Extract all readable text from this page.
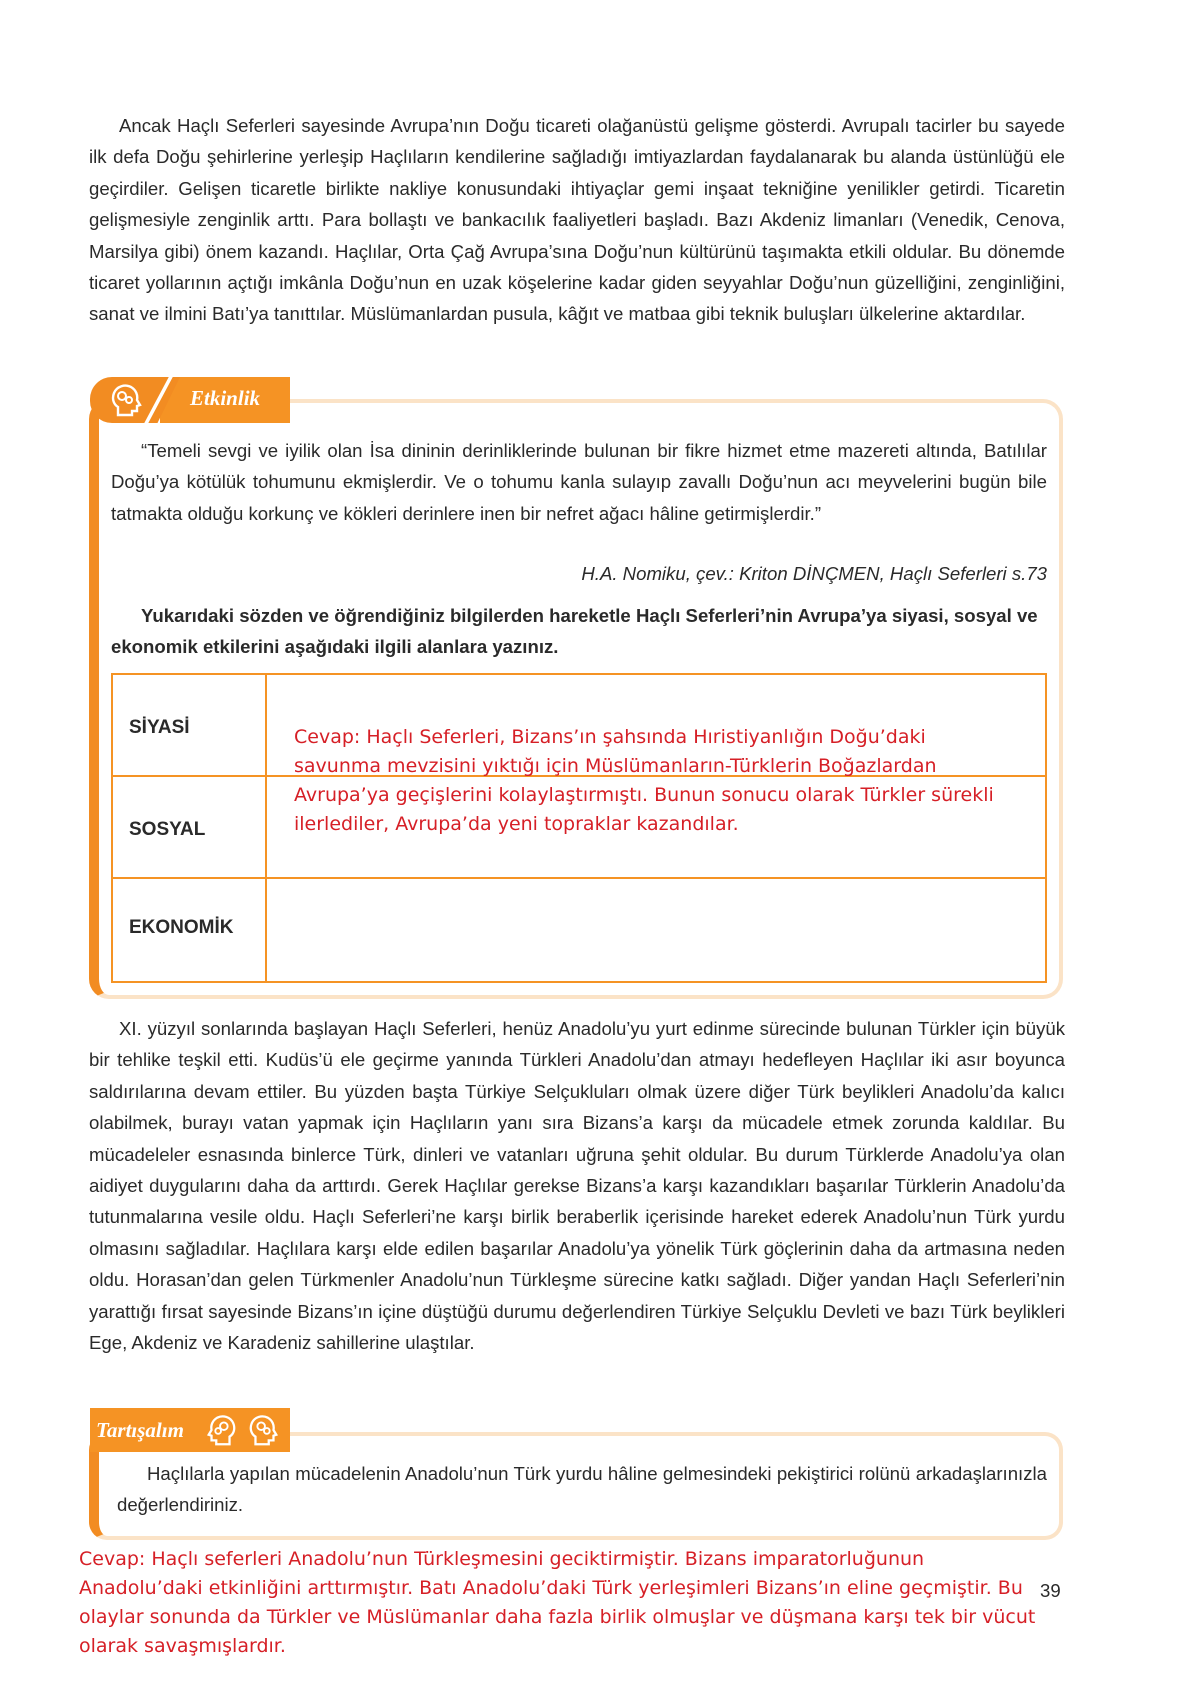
Ancak Haçlı Seferleri sayesinde Avrupa’nın Doğu ticareti olağanüstü gelişme gösterdi. Avrupalı tacirler bu sayede ilk defa Doğu şehirlerine yerleşip Haçlıların kendilerine sağladığı imtiyazlardan faydalanarak bu alanda üstünlüğü ele geçirdiler. Gelişen ticaretle birlikte nakliye konusundaki ihtiyaçlar gemi inşaat tekniğine yenilikler getirdi. Ticaretin gelişmesiyle zenginlik arttı. Para bollaştı ve bankacılık faaliyetleri başladı. Bazı Akdeniz limanları (Venedik, Cenova, Marsilya gibi) önem kazandı. Haçlılar, Orta Çağ Avrupa’sına Doğu’nun kültürünü taşımakta etkili oldular. Bu dönemde ticaret yollarının açtığı imkânla Doğu’nun en uzak köşelerine kadar giden seyyahlar Doğu’nun güzelliğini, zenginliğini, sanat ve ilmini Batı’ya tanıttılar. Müslümanlardan pusula, kâğıt ve matbaa gibi teknik buluşları ülkelerine aktardılar.
Etkinlik
“Temeli sevgi ve iyilik olan İsa dininin derinliklerinde bulunan bir fikre hizmet etme mazereti altında, Batılılar Doğu’ya kötülük tohumunu ekmişlerdir. Ve o tohumu kanla sulayıp zavallı Doğu’nun acı meyvelerini bugün bile tatmakta olduğu korkunç ve kökleri derinlere inen bir nefret ağacı hâline getirmişlerdir.”
H.A. Nomiku, çev.: Kriton DİNÇMEN, Haçlı Seferleri s.73
Yukarıdaki sözden ve öğrendiğiniz bilgilerden hareketle Haçlı Seferleri’nin Avrupa’ya siyasi, sosyal ve ekonomik etkilerini aşağıdaki ilgili alanlara yazınız.
SİYASİ
SOSYAL
EKONOMİK
Cevap: Haçlı Seferleri, Bizans’ın şahsında Hıristiyanlığın Doğu’daki savunma mevzisini yıktığı için Müslümanların-Türklerin Boğazlardan Avrupa’ya geçişlerini kolaylaştırmıştı. Bunun sonucu olarak Türkler sürekli ilerlediler, Avrupa’da yeni topraklar kazandılar.
XI. yüzyıl sonlarında başlayan Haçlı Seferleri, henüz Anadolu’yu yurt edinme sürecinde bulunan Türkler için büyük bir tehlike teşkil etti. Kudüs’ü ele geçirme yanında Türkleri Anadolu’dan atmayı hedefleyen Haçlılar iki asır boyunca saldırılarına devam ettiler. Bu yüzden başta Türkiye Selçukluları olmak üzere diğer Türk beylikleri Anadolu’da kalıcı olabilmek, burayı vatan yapmak için Haçlıların yanı sıra Bizans’a karşı da mücadele etmek zorunda kaldılar. Bu mücadeleler esnasında binlerce Türk, dinleri ve vatanları uğruna şehit oldular. Bu durum Türklerde Anadolu’ya olan aidiyet duygularını daha da arttırdı. Gerek Haçlılar gerekse Bizans’a karşı kazandıkları başarılar Türklerin Anadolu’da tutunmalarına vesile oldu. Haçlı Seferleri’ne karşı birlik beraberlik içerisinde hareket ederek Anadolu’nun Türk yurdu olmasını sağladılar. Haçlılara karşı elde edilen başarılar Anadolu’ya yönelik Türk göçlerinin daha da artmasına neden oldu. Horasan’dan gelen Türkmenler Anadolu’nun Türkleşme sürecine katkı sağladı. Diğer yandan Haçlı Seferleri’nin yarattığı fırsat sayesinde Bizans’ın içine düştüğü durumu değerlendiren Türkiye Selçuklu Devleti ve bazı Türk beylikleri Ege, Akdeniz ve Karadeniz sahillerine ulaştılar.
Tartışalım
Haçlılarla yapılan mücadelenin Anadolu’nun Türk yurdu hâline gelmesindeki pekiştirici rolünü arkadaşlarınızla değerlendiriniz.
Cevap: Haçlı seferleri Anadolu’nun Türkleşmesini geciktirmiştir. Bizans imparatorluğunun Anadolu’daki etkinliğini arttırmıştır. Batı Anadolu’daki Türk yerleşimleri Bizans’ın eline geçmiştir. Bu olaylar sonunda da Türkler ve Müslümanlar daha fazla birlik olmuşlar ve düşmana karşı tek bir vücut olarak savaşmışlardır.
39
